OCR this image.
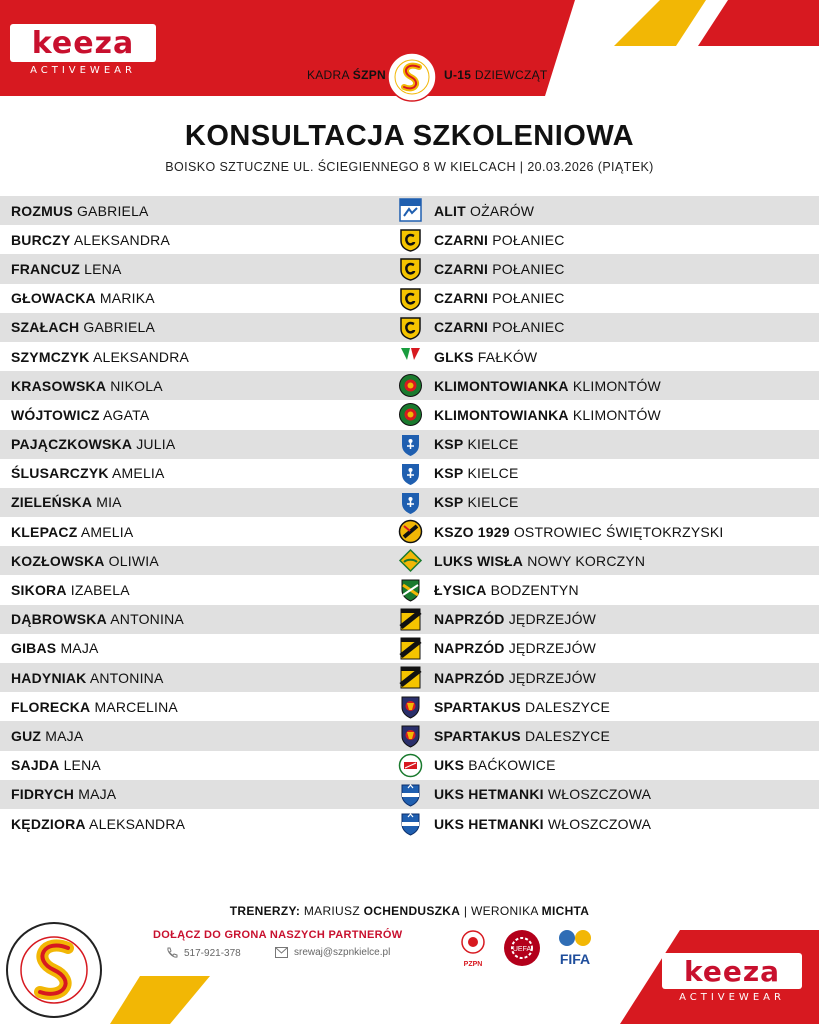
keeza
ACTIVEWEAR	KADRA ŚZPN	U-15 DZIEWCZĄT
KONSULTACJA SZKOLENIOWA
BOISKO SZTUCZNE UL. ŚCIEGIENNEGO 8 W KIELCACH | 20.03.2026 (PIĄTEK)
ROZMUS GABRIELA	ALIT OŻARÓW
BURCZY ALEKSANDRA	CZARNI POŁANIEC
FRANCUZ LENA	CZARNI POŁANIEC
GŁOWACKA MARIKA	CZARNI POŁANIEC
SZAŁACH GABRIELA	CZARNI POŁANIEC
SZYMCZYK ALEKSANDRA	GLKS FAŁKÓW
KRASOWSKA NIKOLA	KLIMONTOWIANKA KLIMONTÓW
WÓJTOWICZ AGATA	KLIMONTOWIANKA KLIMONTÓW
PAJĄCZKOWSKA JULIA	KSP KIELCE
ŚLUSARCZYK AMELIA	KSP KIELCE
ZIELEŃSKA MIA	KSP KIELCE
KLEPACZ AMELIA	KSZO 1929 OSTROWIEC ŚWIĘTOKRZYSKI
KOZŁOWSKA OLIWIA	LUKS WISŁA NOWY KORCZYN
SIKORA IZABELA	ŁYSICA BODZENTYN
DĄBROWSKA ANTONINA	NAPRZÓD JĘDRZEJÓW
GIBAS MAJA	NAPRZÓD JĘDRZEJÓW
HADYNIAK ANTONINA	NAPRZÓD JĘDRZEJÓW
FLORECKA MARCELINA	SPARTAKUS DALESZYCE
GUZ MAJA	SPARTAKUS DALESZYCE
SAJDA LENA	UKS BAĆKOWICE
FIDRYCH MAJA	UKS HETMANKI WŁOSZCZOWA
KĘDZIORA ALEKSANDRA	UKS HETMANKI WŁOSZCZOWA
TRENERZY: MARIUSZ OCHENDUSZKA | WERONIKA MICHTA
DOŁĄCZ DO GRONA NASZYCH PARTNERÓW
517-921-378	srewaj@szpnkielce.pl
PZPN
UEFA
FIFA	keeza
ACTIVEWEAR
